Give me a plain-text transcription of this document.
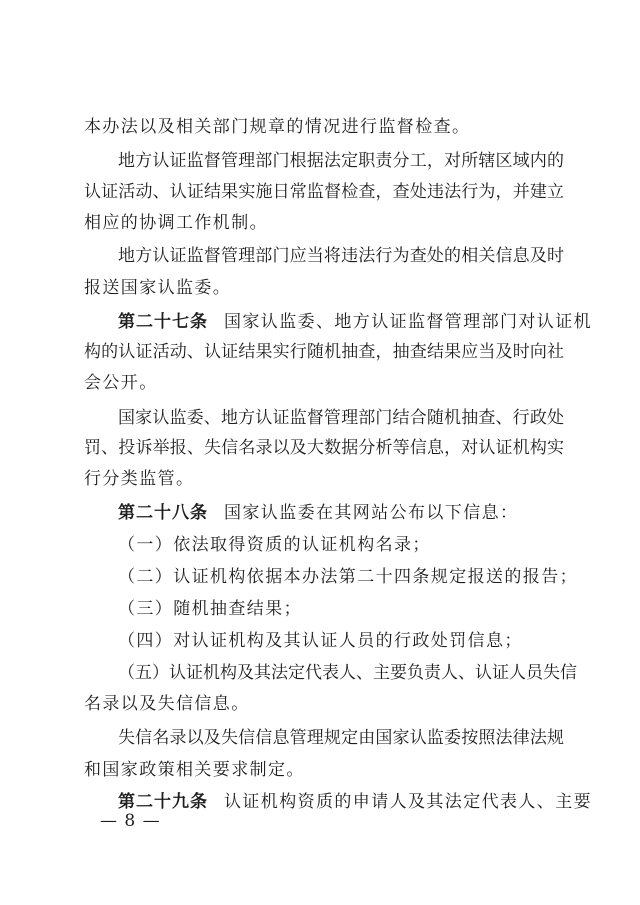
本办法以及相关部门规章的情况进行监督检查。
地方认证监督管理部门根据法定职责分工，对所辖区域内的
认证活动、认证结果实施日常监督检查，查处违法行为，并建立
相应的协调工作机制。
地方认证监督管理部门应当将违法行为查处的相关信息及时
报送国家认监委。
第二十七条 国家认监委、地方认证监督管理部门对认证机
构的认证活动、认证结果实行随机抽查，抽查结果应当及时向社
会公开。
国家认监委、地方认证监督管理部门结合随机抽查、行政处
罚、投诉举报、失信名录以及大数据分析等信息，对认证机构实
行分类监管。
第二十八条 国家认监委在其网站公布以下信息：
（一）依法取得资质的认证机构名录；
（二）认证机构依据本办法第二十四条规定报送的报告；
（三）随机抽查结果；
（四）对认证机构及其认证人员的行政处罚信息；
（五）认证机构及其法定代表人、主要负责人、认证人员失信
名录以及失信信息。
失信名录以及失信信息管理规定由国家认监委按照法律法规
和国家政策相关要求制定。
第二十九条 认证机构资质的申请人及其法定代表人、主要
— 8 —
